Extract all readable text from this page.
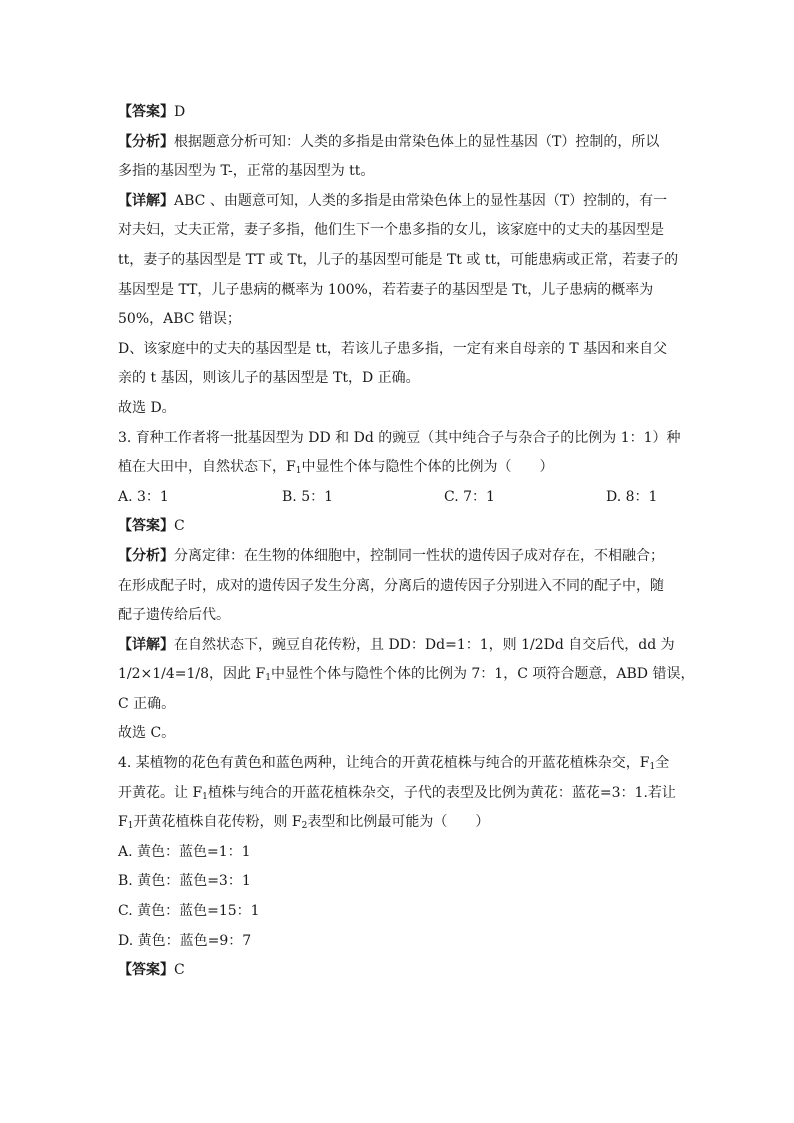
【答案】D
【分析】根据题意分析可知：人类的多指是由常染色体上的显性基因（T）控制的，所以
多指的基因型为 T-，正常的基因型为 tt。
【详解】ABC 、由题意可知，人类的多指是由常染色体上的显性基因（T）控制的，有一
对夫妇，丈夫正常，妻子多指，他们生下一个患多指的女儿，该家庭中的丈夫的基因型是
tt，妻子的基因型是 TT 或 Tt，儿子的基因型可能是 Tt 或 tt，可能患病或正常，若妻子的
基因型是 TT，儿子患病的概率为 100%，若若妻子的基因型是 Tt，儿子患病的概率为
50%，ABC 错误；
D、该家庭中的丈夫的基因型是 tt，若该儿子患多指，一定有来自母亲的 T 基因和来自父
亲的 t 基因，则该儿子的基因型是 Tt，D 正确。
故选 D。
3. 育种工作者将一批基因型为 DD 和 Dd 的豌豆（其中纯合子与杂合子的比例为 1：1）种
植在大田中，自然状态下，$F_1$中显性个体与隐性个体的比例为（　　）
A. 3：1	B. 5：1	C. 7：1	D. 8：1
【答案】C
【分析】分离定律：在生物的体细胞中，控制同一性状的遗传因子成对存在，不相融合；
在形成配子时，成对的遗传因子发生分离，分离后的遗传因子分别进入不同的配子中，随
配子遗传给后代。
【详解】在自然状态下，豌豆自花传粉，且 DD：Dd=1：1，则 1/2Dd 自交后代，dd 为
1/2×1/4=1/8，因此 $F_1$中显性个体与隐性个体的比例为 7：1，C 项符合题意，ABD 错误，
C 正确。
故选 C。
4. 某植物的花色有黄色和蓝色两种，让纯合的开黄花植株与纯合的开蓝花植株杂交，$F_1$全
开黄花。让 $F_1$植株与纯合的开蓝花植株杂交，子代的表型及比例为黄花：蓝花=3：1.若让
$F_1$开黄花植株自花传粉，则 $F_2$表型和比例最可能为（　　）
A. 黄色：蓝色=1：1
B. 黄色：蓝色=3：1
C. 黄色：蓝色=15：1
D. 黄色：蓝色=9：7
【答案】C
